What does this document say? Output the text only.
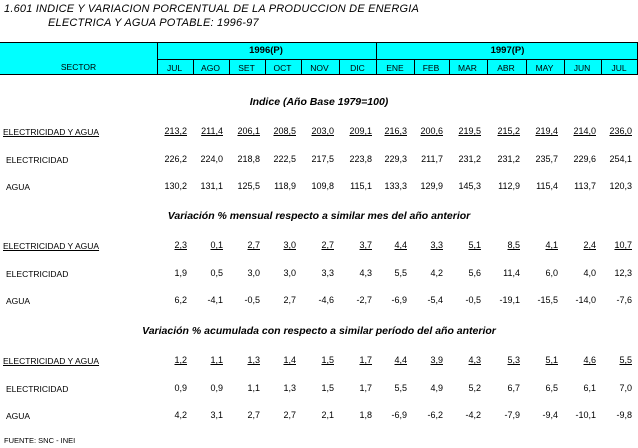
1.601 INDICE Y VARIACION PORCENTUAL DE LA PRODUCCION DE ENERGIA
ELECTRICA Y AGUA POTABLE: 1996-97
SECTOR
1996(P)	1997(P)
JUL	AGO	SET	OCT	NOV	DIC	ENE	FEB	MAR	ABR	MAY	JUN	JUL
Indice (Año Base 1979=100)
ELECTRICIDAD Y AGUA	213,2	211,4	206,1	208,5	203,0	209,1	216,3	200,6	219,5	215,2	219,4	214,0	236,0
ELECTRICIDAD	226,2	224,0	218,8	222,5	217,5	223,8	229,3	211,7	231,2	231,2	235,7	229,6	254,1
AGUA	130,2	131,1	125,5	118,9	109,8	115,1	133,3	129,9	145,3	112,9	115,4	113,7	120,3
Variación % mensual respecto a similar mes del año anterior
ELECTRICIDAD Y AGUA	2,3	0,1	2,7	3,0	2,7	3,7	4,4	3,3	5,1	8,5	4,1	2,4	10,7
ELECTRICIDAD	1,9	0,5	3,0	3,0	3,3	4,3	5,5	4,2	5,6	11,4	6,0	4,0	12,3
AGUA	6,2	-4,1	-0,5	2,7	-4,6	-2,7	-6,9	-5,4	-0,5	-19,1	-15,5	-14,0	-7,6
Variación % acumulada con respecto a similar período del año anterior
ELECTRICIDAD Y AGUA	1,2	1,1	1,3	1,4	1,5	1,7	4,4	3,9	4,3	5,3	5,1	4,6	5,5
ELECTRICIDAD	0,9	0,9	1,1	1,3	1,5	1,7	5,5	4,9	5,2	6,7	6,5	6,1	7,0
AGUA	4,2	3,1	2,7	2,7	2,1	1,8	-6,9	-6,2	-4,2	-7,9	-9,4	-10,1	-9,8
FUENTE: SNC - INEI
